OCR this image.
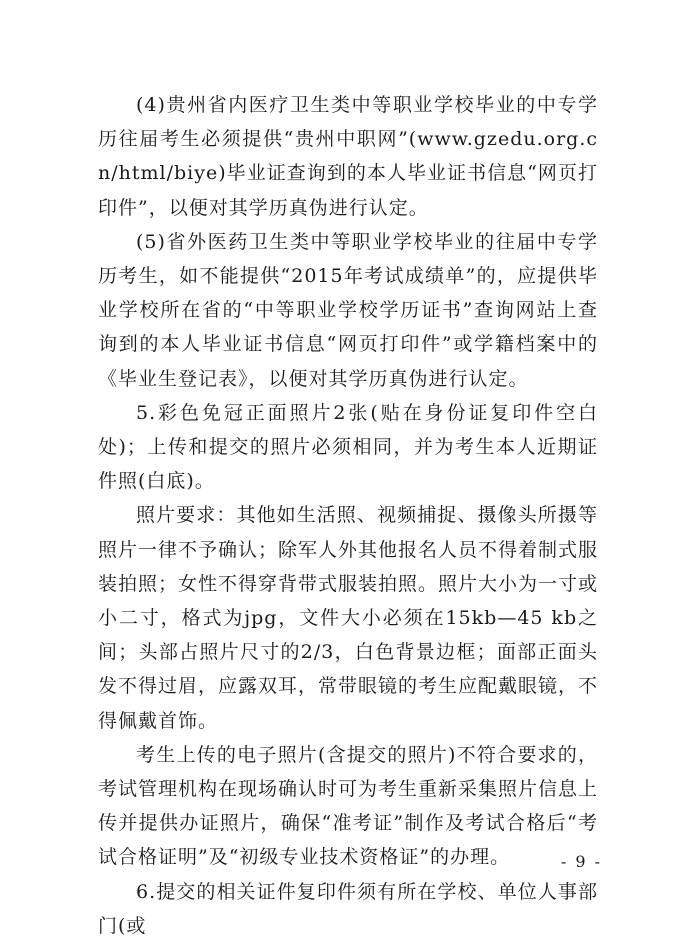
(4)贵州省内医疗卫生类中等职业学校毕业的中专学历往届考生必须提供“贵州中职网”(www.gzedu.org.cn/html/biye)毕业证查询到的本人毕业证书信息“网页打印件”，以便对其学历真伪进行认定。

(5)省外医药卫生类中等职业学校毕业的往届中专学历考生，如不能提供“2015年考试成绩单”的，应提供毕业学校所在省的“中等职业学校学历证书”查询网站上查询到的本人毕业证书信息“网页打印件”或学籍档案中的《毕业生登记表》，以便对其学历真伪进行认定。

5.彩色免冠正面照片2张(贴在身份证复印件空白处)；上传和提交的照片必须相同，并为考生本人近期证件照(白底)。

照片要求：其他如生活照、视频捕捉、摄像头所摄等照片一律不予确认；除军人外其他报名人员不得着制式服装拍照；女性不得穿背带式服装拍照。照片大小为一寸或小二寸，格式为jpg，文件大小必须在15kb—45 kb之间；头部占照片尺寸的2/3，白色背景边框；面部正面头发不得过眉，应露双耳，常带眼镜的考生应配戴眼镜，不得佩戴首饰。

考生上传的电子照片(含提交的照片)不符合要求的，考试管理机构在现场确认时可为考生重新采集照片信息上传并提供办证照片，确保“准考证”制作及考试合格后“考试合格证明”及“初级专业技术资格证”的办理。

6.提交的相关证件复印件须有所在学校、单位人事部门(或

- 9 -
